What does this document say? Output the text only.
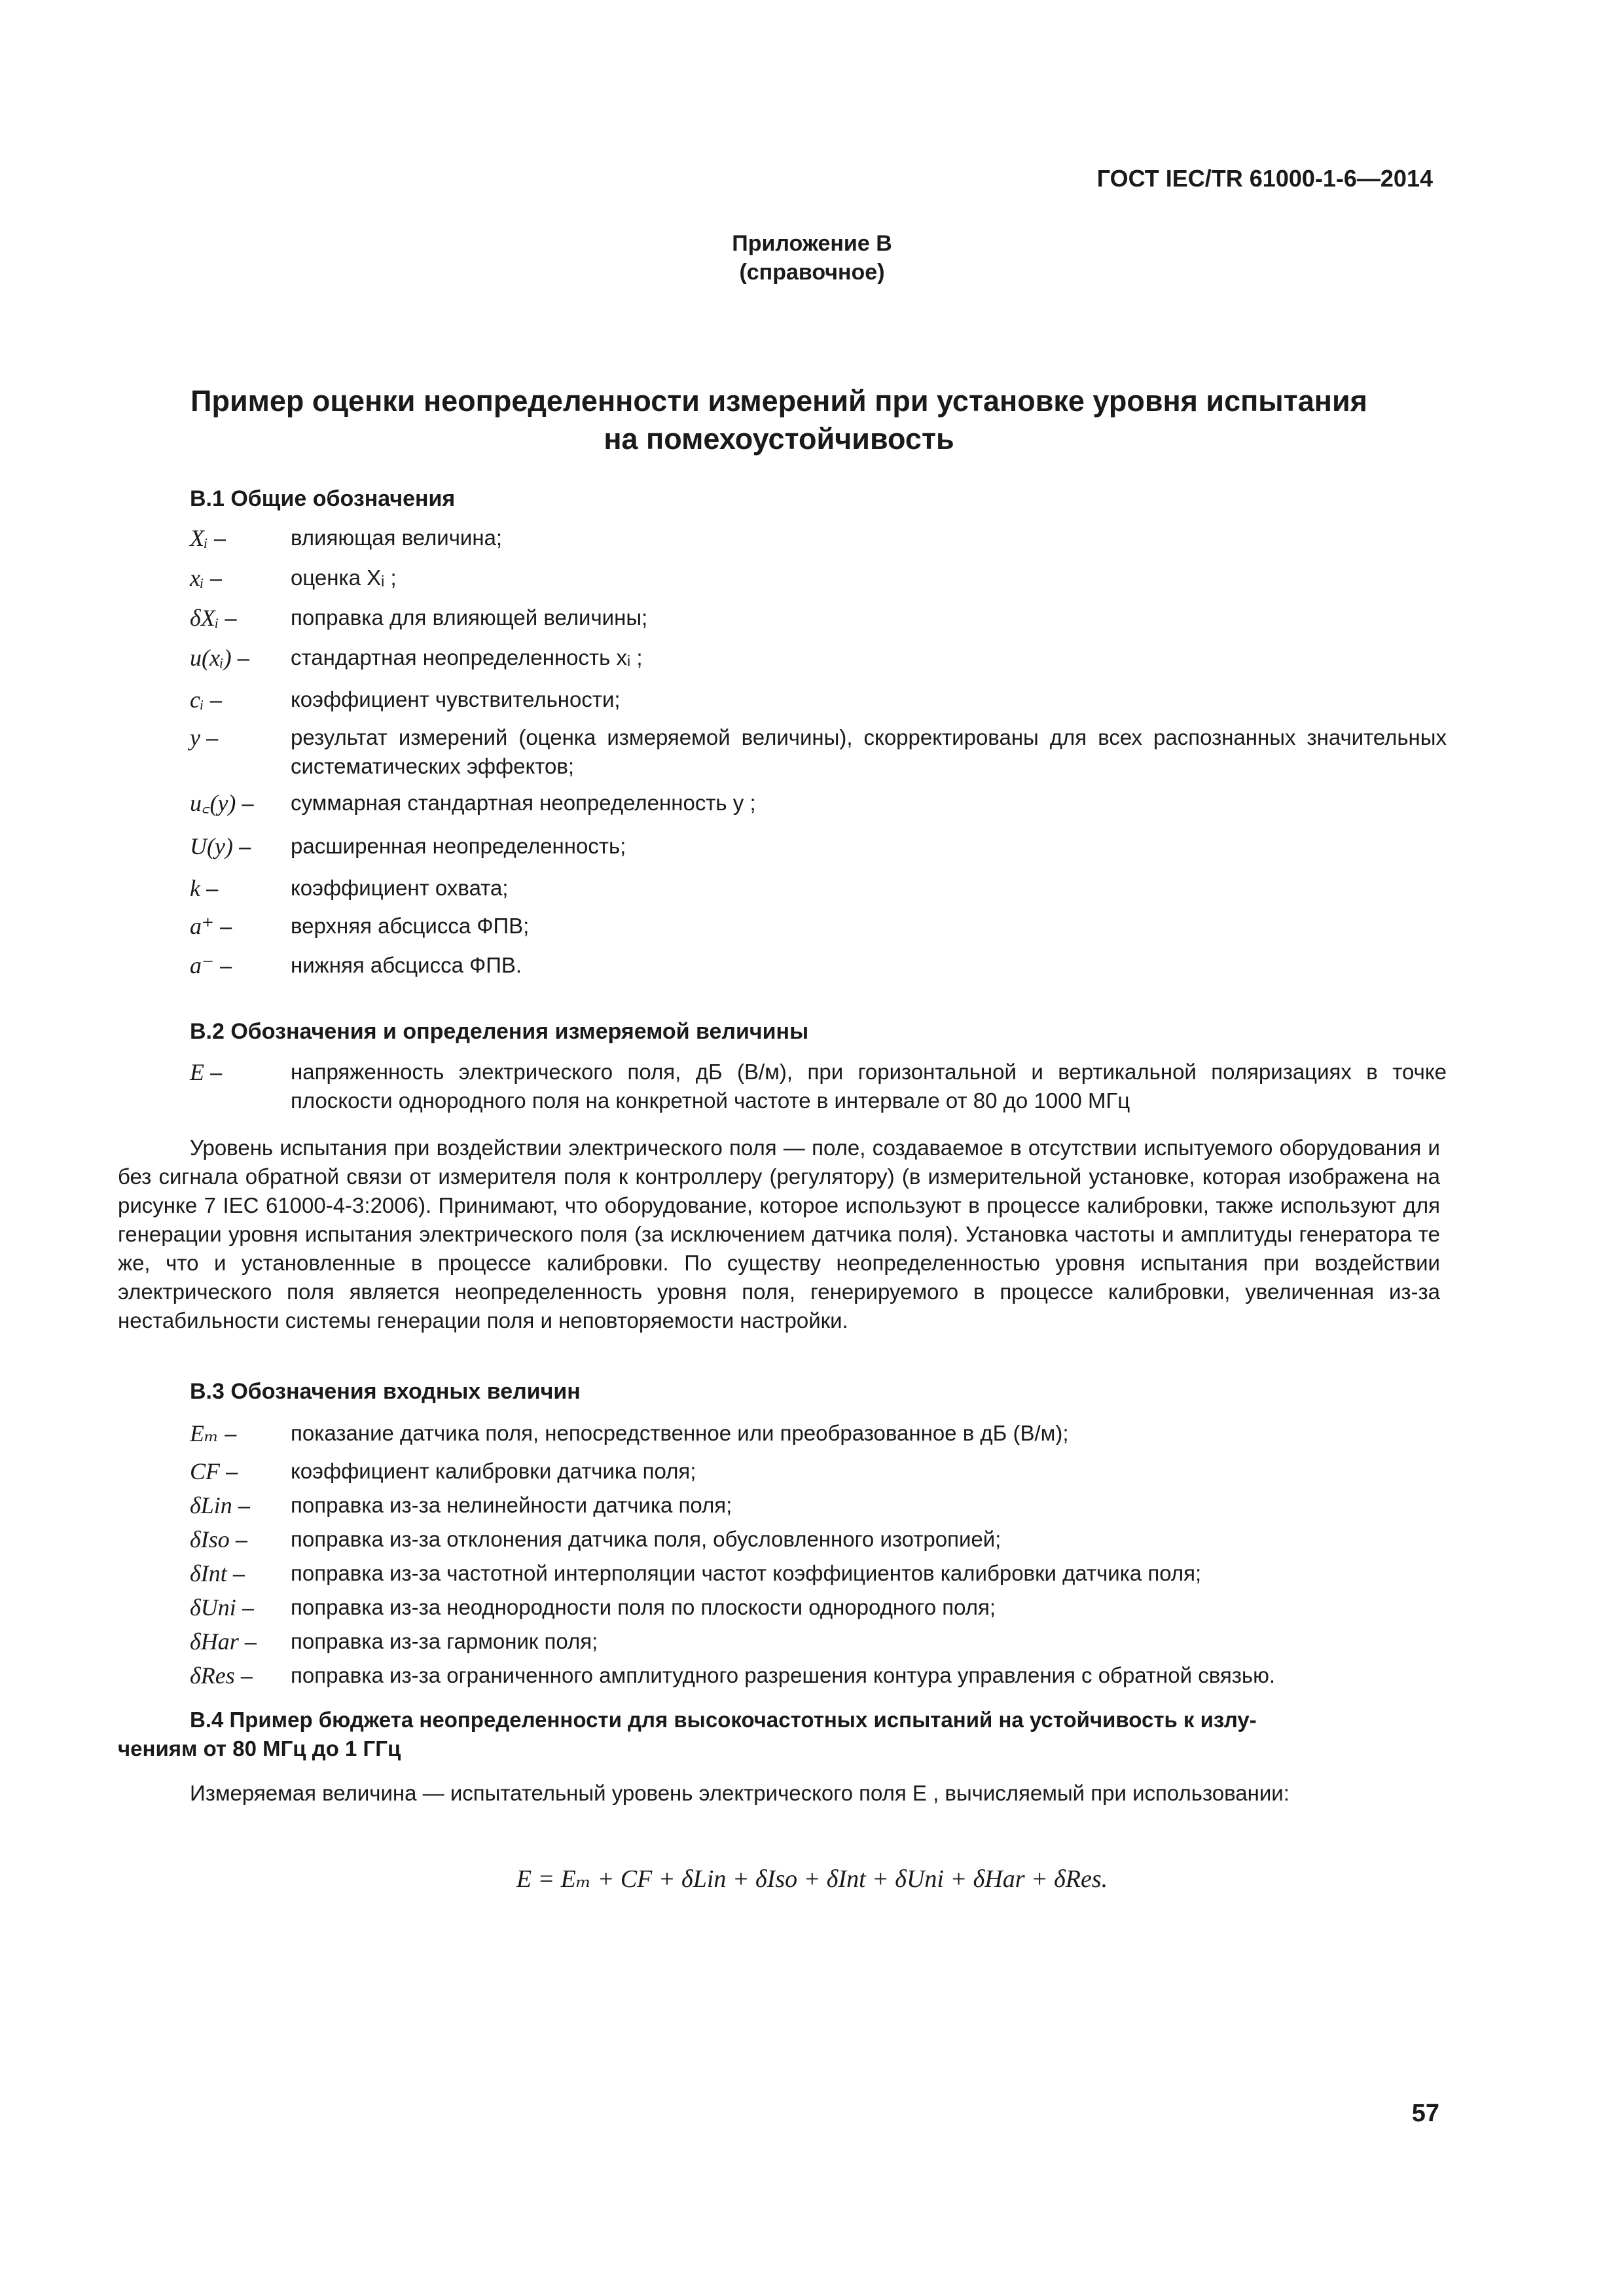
ГОСТ IEC/TR 61000-1-6—2014
Приложение В
(справочное)
Пример оценки неопределенности измерений при установке уровня испытания
на помехоустойчивость
В.1 Общие обозначения
Xᵢ –	влияющая величина;
xᵢ –	оценка Xᵢ ;
δXᵢ –	поправка для влияющей величины;
u(xᵢ) –	стандартная неопределенность xᵢ ;
cᵢ –	коэффициент чувствительности;
y –	результат измерений (оценка измеряемой величины), скорректированы для всех распознанных значительных систематических эффектов;
u꜀(y) –	суммарная стандартная неопределенность y ;
U(y) –	расширенная неопределенность;
k –	коэффициент охвата;
a⁺ –	верхняя абсцисса ФПВ;
a⁻ –	нижняя абсцисса ФПВ.
В.2 Обозначения и определения измеряемой величины
E –	напряженность электрического поля, дБ (В/м), при горизонтальной и вертикальной поляризациях в точке плоскости однородного поля на конкретной частоте в интервале от 80 до 1000 МГц
Уровень испытания при воздействии электрического поля — поле, создаваемое в отсутствии испытуемого оборудования и без сигнала обратной связи от измерителя поля к контроллеру (регулятору) (в измерительной установке, которая изображена на рисунке 7 IEC 61000-4-3:2006). Принимают, что оборудование, которое используют в процессе калибровки, также используют для генерации уровня испытания электрического поля (за исключением датчика поля). Установка частоты и амплитуды генератора те же, что и установленные в процессе калибровки. По существу неопределенностью уровня испытания при воздействии электрического поля является неопределенность уровня поля, генерируемого в процессе калибровки, увеличенная из-за нестабильности системы генерации поля и неповторяемости настройки.
В.3 Обозначения входных величин
Eₘ –	показание датчика поля, непосредственное или преобразованное в дБ (В/м);
CF –	коэффициент калибровки датчика поля;
δLin –	поправка из-за нелинейности датчика поля;
δIso –	поправка из-за отклонения датчика поля, обусловленного изотропией;
δInt –	поправка из-за частотной интерполяции частот коэффициентов калибровки датчика поля;
δUni –	поправка из-за неоднородности поля по плоскости однородного поля;
δHar –	поправка из-за гармоник поля;
δRes –	поправка из-за ограниченного амплитудного разрешения контура управления с обратной связью.
В.4 Пример бюджета неопределенности для высокочастотных испытаний на устойчивость к излу-
чениям от 80 МГц до 1 ГГц
Измеряемая величина — испытательный уровень электрического поля E , вычисляемый при использовании:
E = Eₘ + CF + δLin + δIso + δInt + δUni + δHar + δRes.
57
